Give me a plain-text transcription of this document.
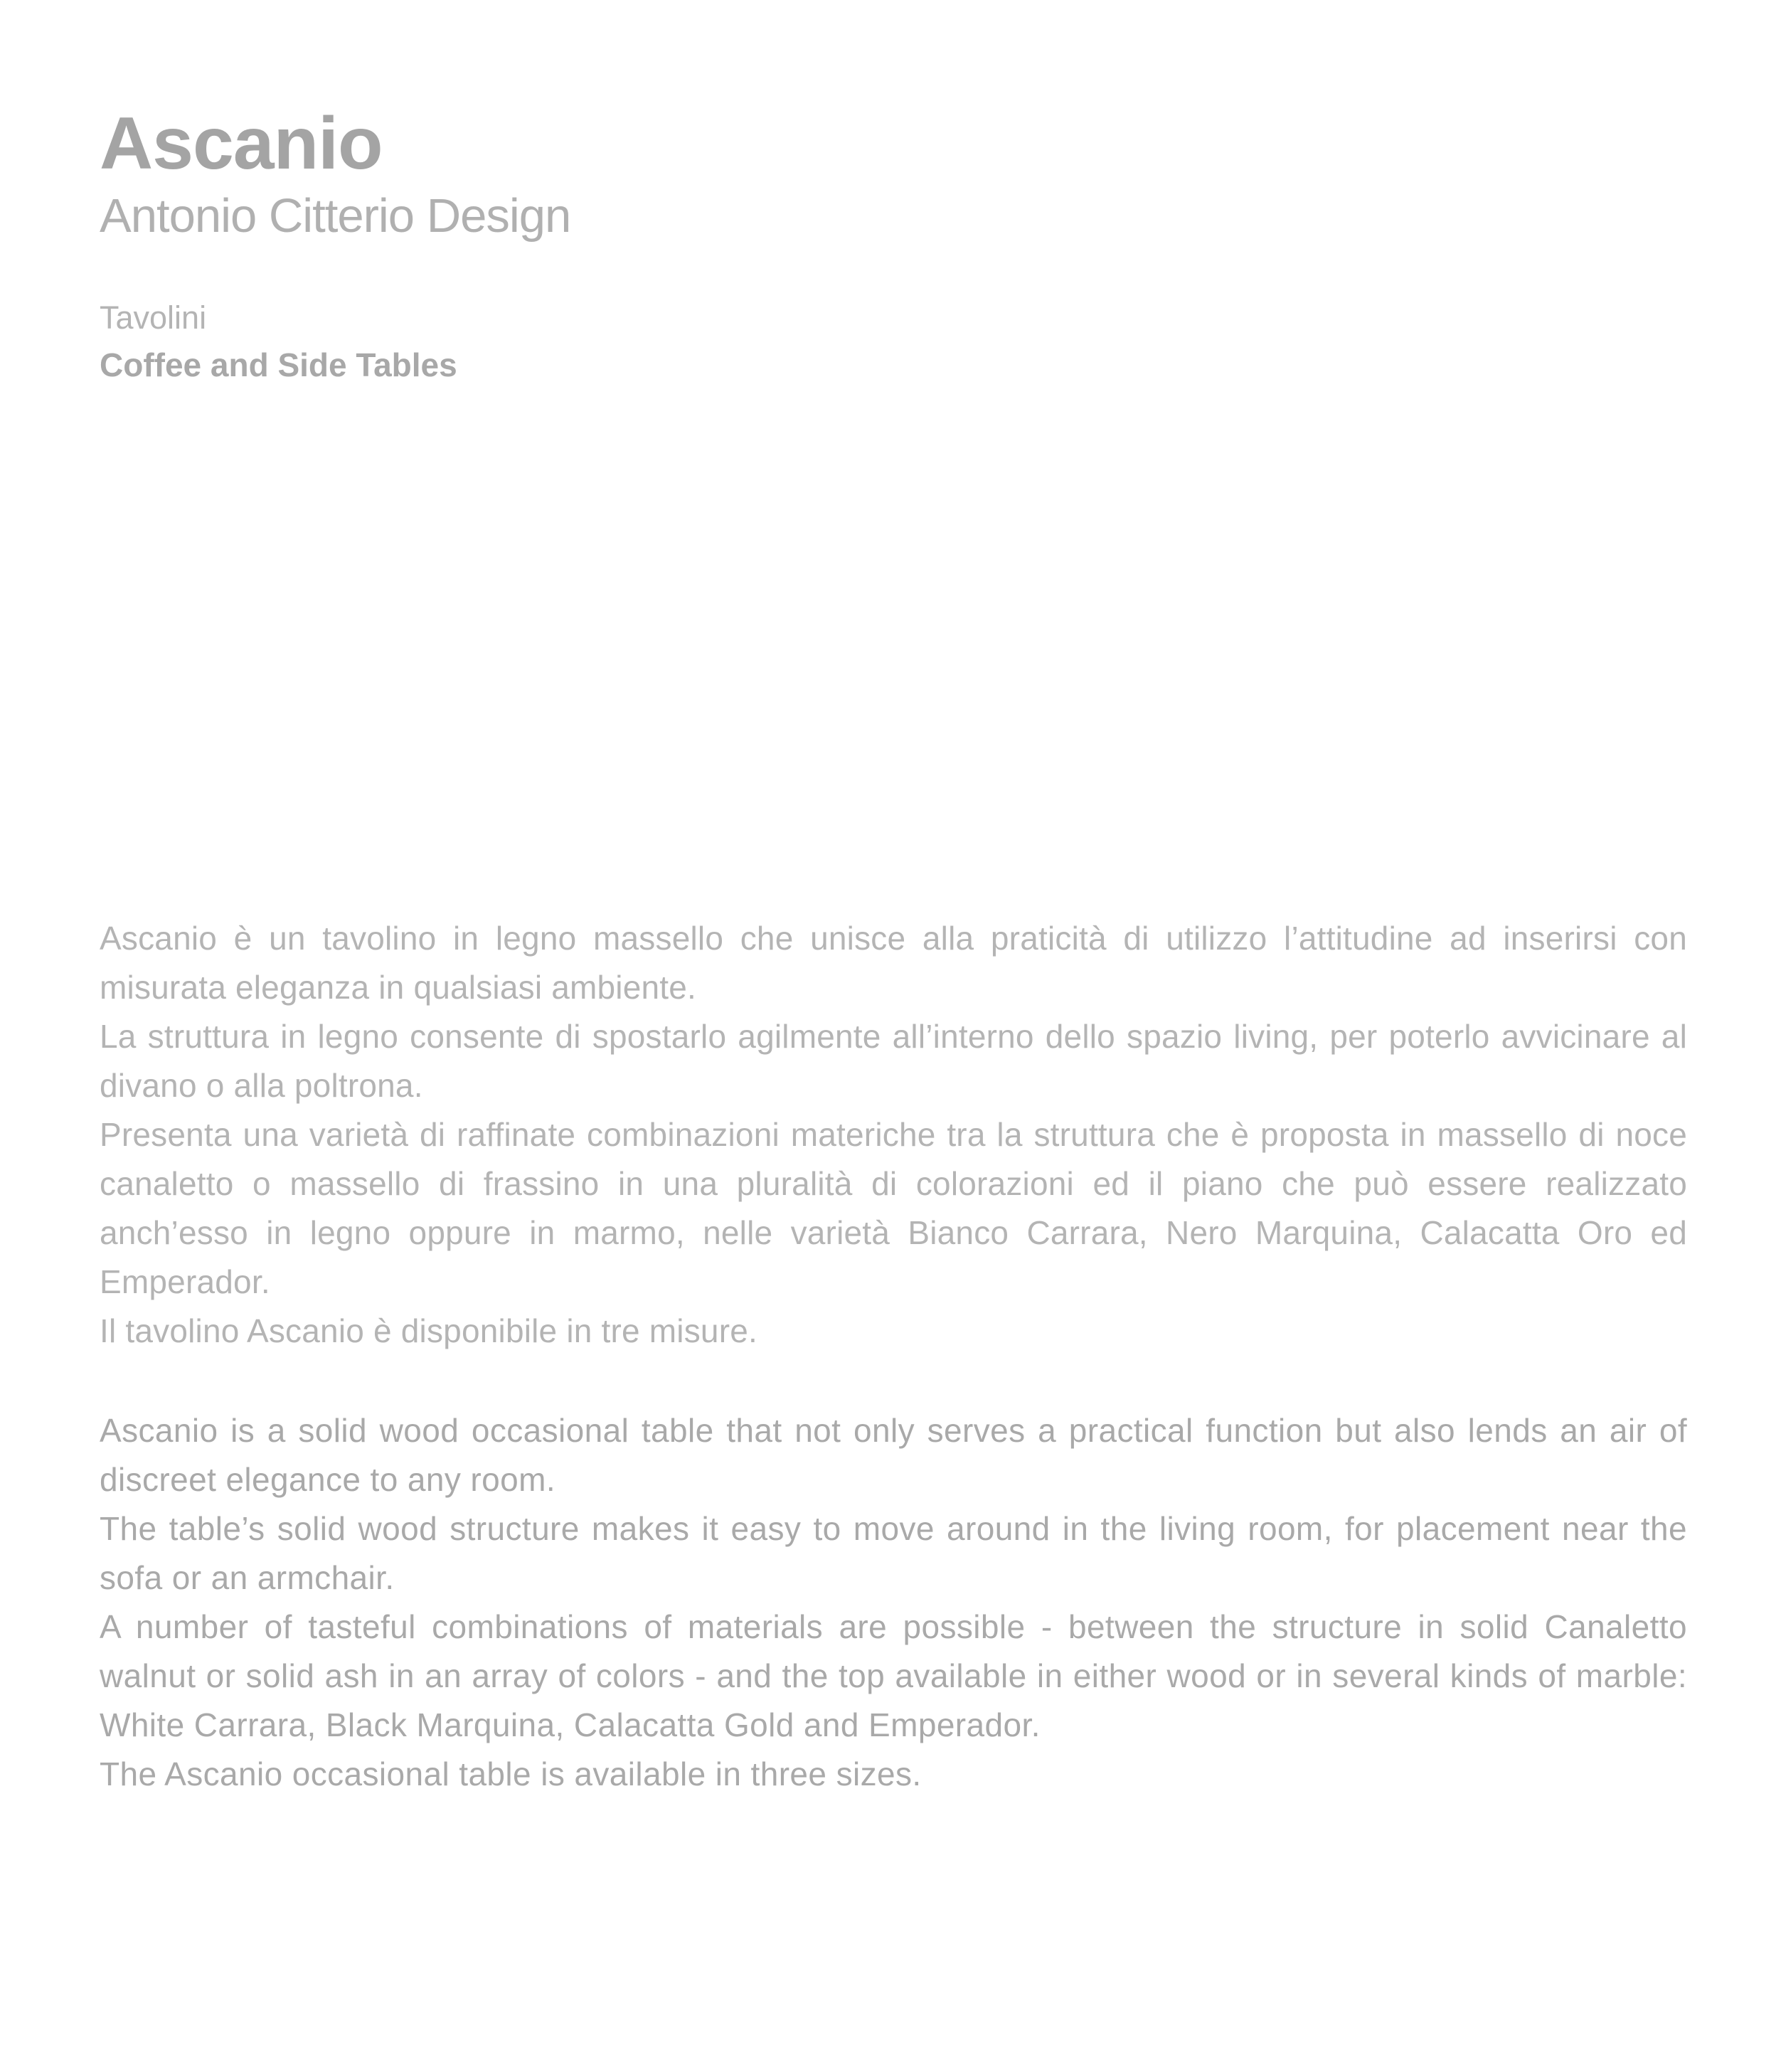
Ascanio
Antonio Citterio Design
Tavolini
Coffee and Side Tables

Ascanio è un tavolino in legno massello che unisce alla praticità di utilizzo l’attitudine ad inserirsi con misurata eleganza in qualsiasi ambiente.

La struttura in legno consente di spostarlo agilmente all’interno dello spazio living, per poterlo avvicinare al divano o alla poltrona.

Presenta una varietà di raffinate combinazioni materiche tra la struttura che è proposta in massello di noce canaletto o massello di frassino in una pluralità di colorazioni ed il piano che può essere realizzato anch’esso in legno oppure in marmo, nelle varietà Bianco Carrara, Nero Marquina, Calacatta Oro ed Emperador.

Il tavolino Ascanio è disponibile in tre misure.

Ascanio is a solid wood occasional table that not only serves a practical function but also lends an air of discreet elegance to any room.

The table’s solid wood structure makes it easy to move around in the living room, for placement near the sofa or an armchair.

A number of tasteful combinations of materials are possible - between the structure in solid Canaletto walnut or solid ash in an array of colors - and the top available in either wood or in several kinds of marble: White Carrara, Black Marquina, Calacatta Gold and Emperador.

The Ascanio occasional table is available in three sizes.
